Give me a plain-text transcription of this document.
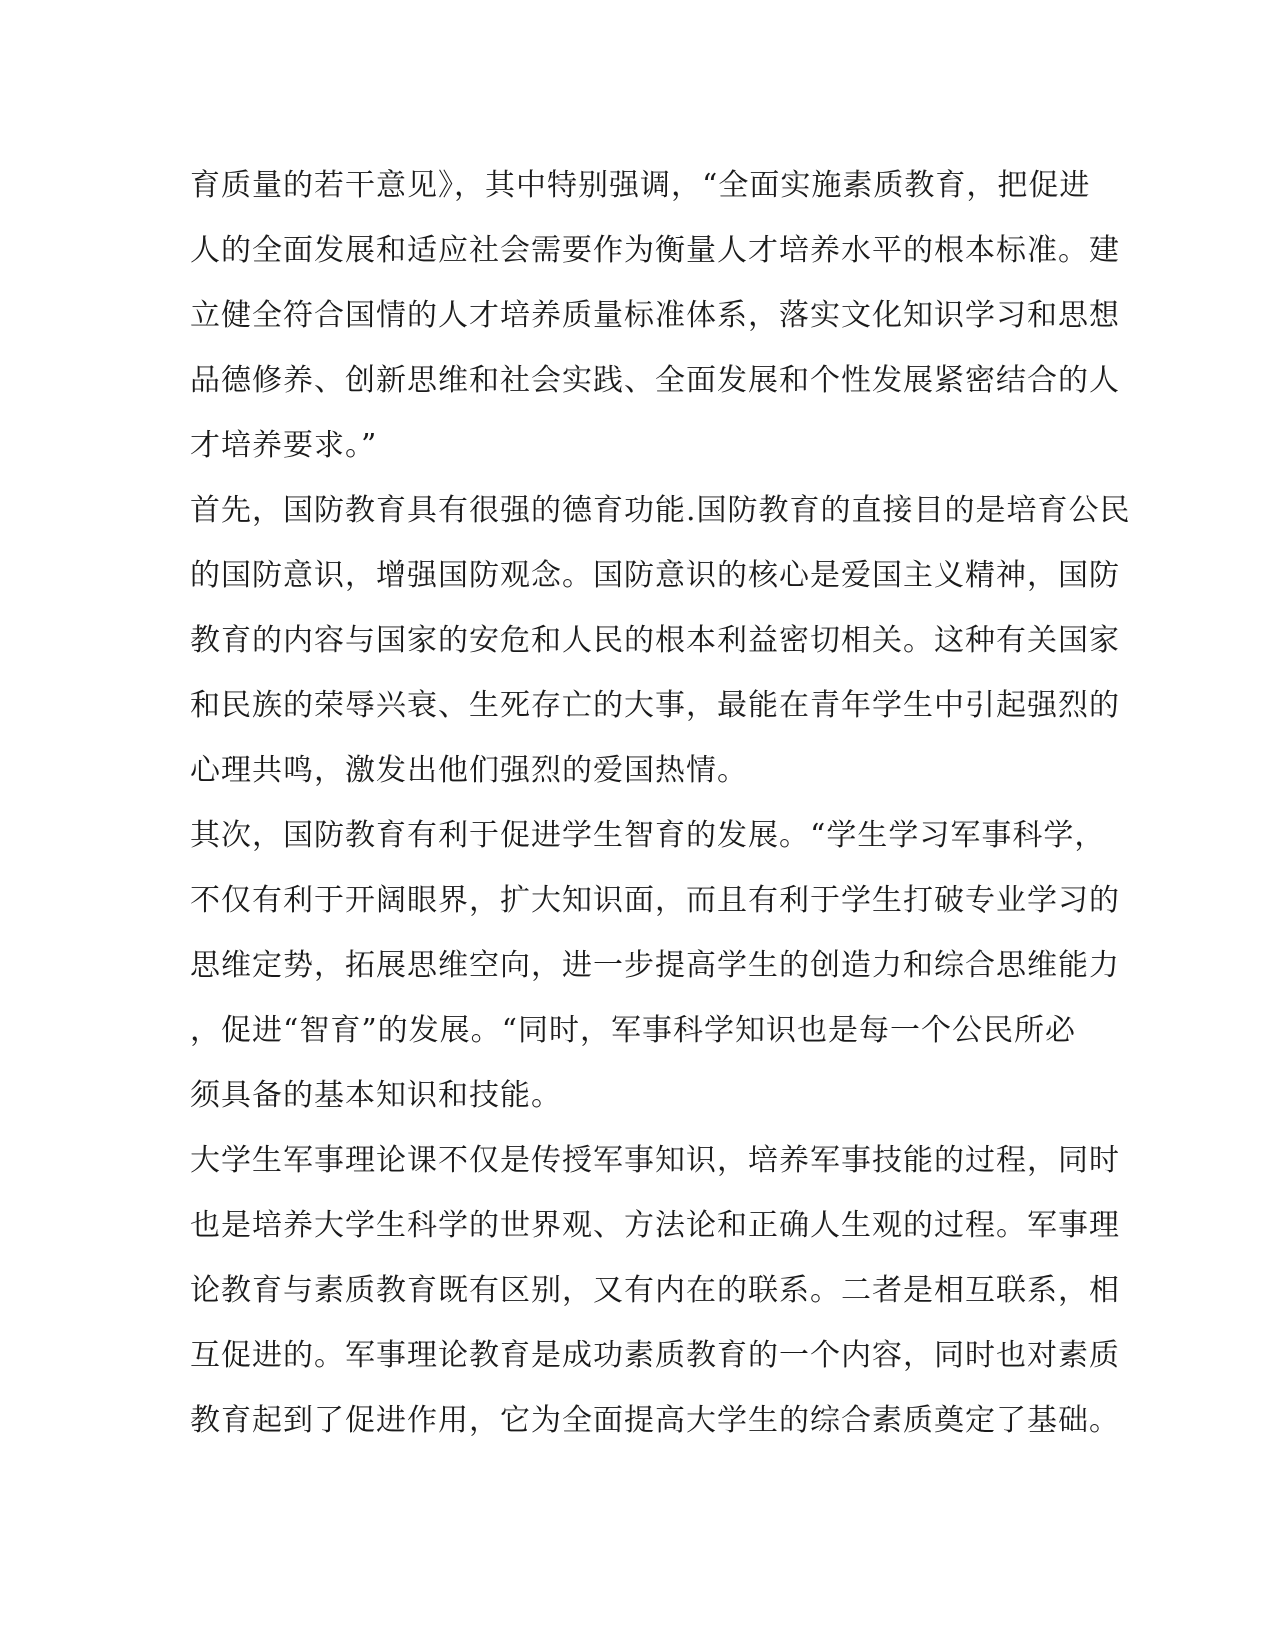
育质量的若干意见》，其中特别强调，“全面实施素质教育，把促进
人的全面发展和适应社会需要作为衡量人才培养水平的根本标准。建
立健全符合国情的人才培养质量标准体系，落实文化知识学习和思想
品德修养、创新思维和社会实践、全面发展和个性发展紧密结合的人
才培养要求。”
首先，国防教育具有很强的德育功能.国防教育的直接目的是培育公民
的国防意识，增强国防观念。国防意识的核心是爱国主义精神，国防
教育的内容与国家的安危和人民的根本利益密切相关。这种有关国家
和民族的荣辱兴衰、生死存亡的大事，最能在青年学生中引起强烈的
心理共鸣，激发出他们强烈的爱国热情。
其次，国防教育有利于促进学生智育的发展。“学生学习军事科学，
不仅有利于开阔眼界，扩大知识面，而且有利于学生打破专业学习的
思维定势，拓展思维空向，进一步提高学生的创造力和综合思维能力
，促进“智育”的发展。“同时，军事科学知识也是每一个公民所必
须具备的基本知识和技能。
大学生军事理论课不仅是传授军事知识，培养军事技能的过程，同时
也是培养大学生科学的世界观、方法论和正确人生观的过程。军事理
论教育与素质教育既有区别，又有内在的联系。二者是相互联系，相
互促进的。军事理论教育是成功素质教育的一个内容，同时也对素质
教育起到了促进作用，它为全面提高大学生的综合素质奠定了基础。
